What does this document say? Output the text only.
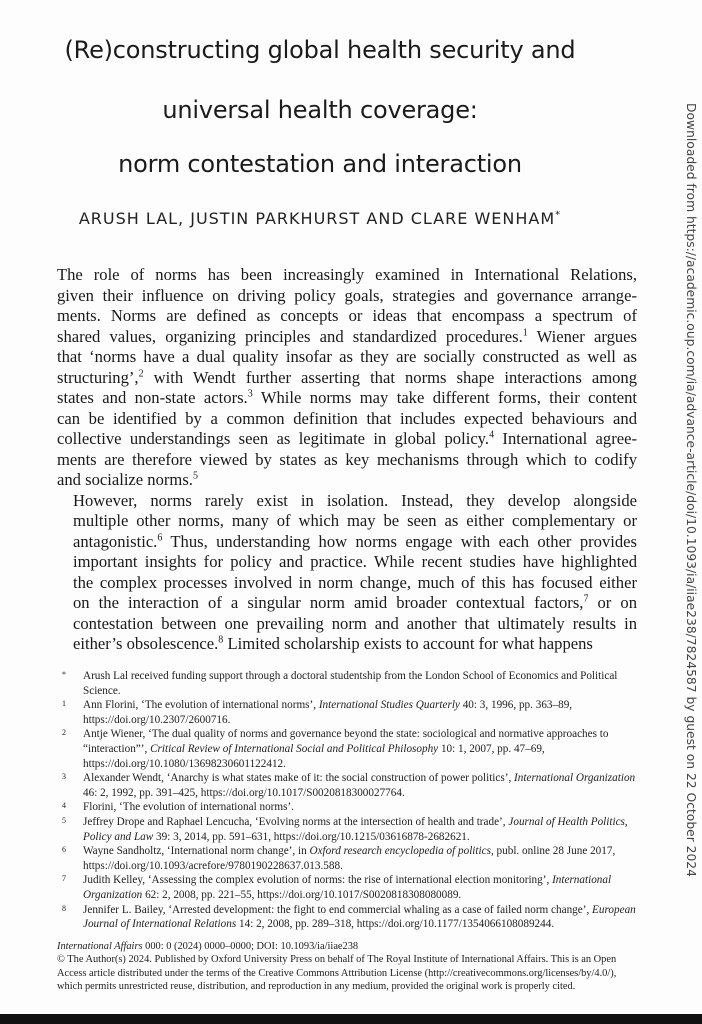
(Re)constructing global health security and
universal health coverage:
norm contestation and interaction
ARUSH LAL, JUSTIN PARKHURST AND CLARE WENHAM*

The role of norms has been increasingly examined in International Relations,
given their influence on driving policy goals, strategies and governance arrange-
ments. Norms are defined as concepts or ideas that encompass a spectrum of
shared values, organizing principles and standardized procedures.$^1$ Wiener argues
that ‘norms have a dual quality insofar as they are socially constructed as well as
structuring’,$^2$ with Wendt further asserting that norms shape interactions among
states and non-state actors.$^3$ While norms may take different forms, their content
can be identified by a common definition that includes expected behaviours and
collective understandings seen as legitimate in global policy.$^4$ International agree-
ments are therefore viewed by states as key mechanisms through which to codify
and socialize norms.$^5$

However, norms rarely exist in isolation. Instead, they develop alongside
multiple other norms, many of which may be seen as either complementary or
antagonistic.$^6$ Thus, understanding how norms engage with each other provides
important insights for policy and practice. While recent studies have highlighted
the complex processes involved in norm change, much of this has focused either
on the interaction of a singular norm amid broader contextual factors,$^7$ or on
contestation between one prevailing norm and another that ultimately results in
either’s obsolescence.$^8$ Limited scholarship exists to account for what happens

*	Arush Lal received funding support through a doctoral studentship from the London School of Economics and Political Science.
1	Ann Florini, ‘The evolution of international norms’, International Studies Quarterly 40: 3, 1996, pp. 363–89, https://doi.org/10.2307/2600716.
2	Antje Wiener, ‘The dual quality of norms and governance beyond the state: sociological and normative approaches to “interaction”’, Critical Review of International Social and Political Philosophy 10: 1, 2007, pp. 47–69, https://doi.org/10.1080/13698230601122412.
3	Alexander Wendt, ‘Anarchy is what states make of it: the social construction of power politics’, International Organization 46: 2, 1992, pp. 391–425, https://doi.org/10.1017/S0020818300027764.
4	Florini, ‘The evolution of international norms’.
5	Jeffrey Drope and Raphael Lencucha, ‘Evolving norms at the intersection of health and trade’, Journal of Health Politics, Policy and Law 39: 3, 2014, pp. 591–631, https://doi.org/10.1215/03616878-2682621.
6	Wayne Sandholtz, ‘International norm change’, in Oxford research encyclopedia of politics, publ. online 28 June 2017, https://doi.org/10.1093/acrefore/9780190228637.013.588.
7	Judith Kelley, ‘Assessing the complex evolution of norms: the rise of international election monitoring’, International Organization 62: 2, 2008, pp. 221–55, https://doi.org/10.1017/S0020818308080089.
8	Jennifer L. Bailey, ‘Arrested development: the fight to end commercial whaling as a case of failed norm change’, European Journal of International Relations 14: 2, 2008, pp. 289–318, https://doi.org/10.1177/1354066108089244.
International Affairs 000: 0 (2024) 0000–0000; DOI: 10.1093/ia/iiae238
© The Author(s) 2024. Published by Oxford University Press on behalf of The Royal Institute of International Affairs. This is an Open Access article distributed under the terms of the Creative Commons Attribution License (http://creativecommons.org/licenses/by/4.0/), which permits unrestricted reuse, distribution, and reproduction in any medium, provided the original work is properly cited.
Downloaded from https://academic.oup.com/ia/advance-article/doi/10.1093/ia/iiae238/7824587 by guest on 22 October 2024
